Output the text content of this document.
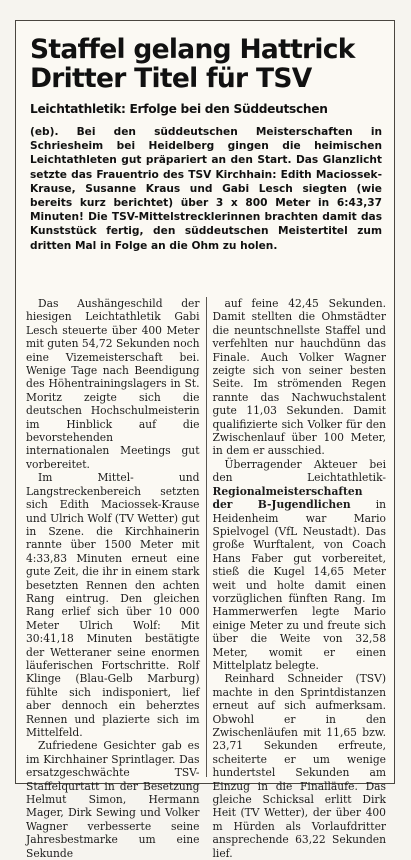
Staffel gelang Hattrick
Dritter Titel für TSV
Leichtathletik: Erfolge bei den Süddeutschen
(eb). Bei den süddeutschen Meisterschaften in Schriesheim bei Heidelberg gingen die heimischen Leichtathleten gut präpariert an den Start. Das Glanzlicht setzte das Frauentrio des TSV Kirchhain: Edith Maciossek-Krause, Susanne Kraus und Gabi Lesch siegten (wie bereits kurz berichtet) über 3 x 800 Meter in 6:43,37 Minuten! Die TSV-Mittelstrecklerinnen brachten damit das Kunststück fertig, den süddeutschen Meistertitel zum dritten Mal in Folge an die Ohm zu holen.

Das Aushängeschild der hiesigen Leichtathletik Gabi Lesch steuerte über 400 Meter mit guten 54,72 Sekunden noch eine Vizemeisterschaft bei. Wenige Tage nach Beendigung des Höhentrainingslagers in St. Moritz zeigte sich die deutschen Hochschulmeisterin im Hinblick auf die bevorstehenden internationalen Meetings gut vorbereitet.

Im Mittel- und Langstreckenbereich setzten sich Edith Maciossek-Krause und Ulrich Wolf (TV Wetter) gut in Szene. die Kirchhainerin rannte über 1500 Meter mit 4:33,83 Minuten erneut eine gute Zeit, die ihr in einem stark besetzten Rennen den achten Rang eintrug. Den gleichen Rang erlief sich über 10 000 Meter Ulrich Wolf: Mit 30:41,18 Minuten bestätigte der Wetteraner seine enormen läuferischen Fortschritte. Rolf Klinge (Blau-Gelb Marburg) fühlte sich indisponiert, lief aber dennoch ein beherztes Rennen und plazierte sich im Mittelfeld.

Zufriedene Gesichter gab es im Kirchhainer Sprintlager. Das ersatzgeschwächte TSV-Staffelqurtatt in der Besetzung Helmut Simon, Hermann Mager, Dirk Sewing und Volker Wagner verbesserte seine Jahresbestmarke um eine Sekunde

auf feine 42,45 Sekunden. Damit stellten die Ohmstädter die neuntschnellste Staffel und verfehlten nur hauchdünn das Finale. Auch Volker Wagner zeigte sich von seiner besten Seite. Im strömenden Regen rannte das Nachwuchstalent gute 11,03 Sekunden. Damit qualifizierte sich Volker für den Zwischenlauf über 100 Meter, in dem er ausschied.

Überragender Akteuer bei den Leichtathletik-Regionalmeisterschaften der B-Jugendlichen in Heidenheim war Mario Spielvogel (VfL Neustadt). Das große Wurftalent, von Coach Hans Faber gut vorbereitet, stieß die Kugel 14,65 Meter weit und holte damit einen vorzüglichen fünften Rang. Im Hammerwerfen legte Mario einige Meter zu und freute sich über die Weite von 32,58 Meter, womit er einen Mittelplatz belegte.

Reinhard Schneider (TSV) machte in den Sprintdistanzen erneut auf sich aufmerksam. Obwohl er in den Zwischenläufen mit 11,65 bzw. 23,71 Sekunden erfreute, scheiterte er um wenige hundertstel Sekunden am Einzug in die Finalläufe. Das gleiche Schicksal erlitt Dirk Heit (TV Wetter), der über 400 m Hürden als Vorlaufdritter ansprechende 63,22 Sekunden lief.
